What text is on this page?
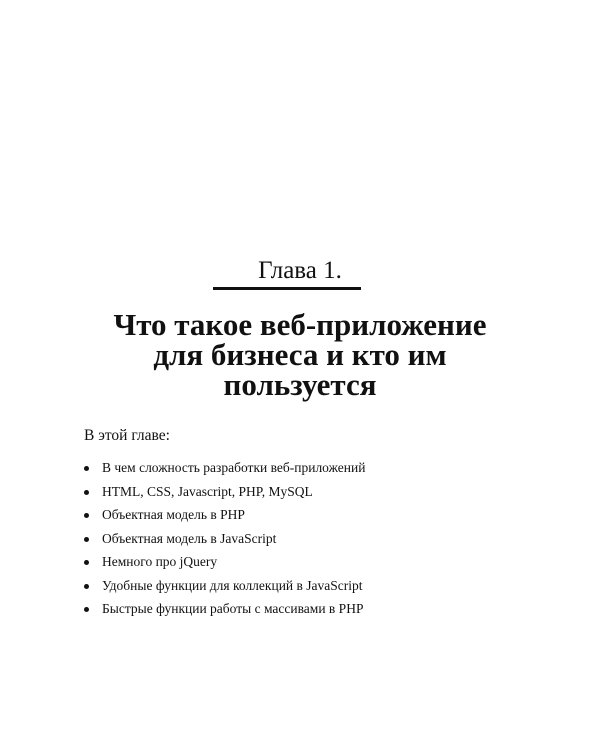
Глава 1.
Что такое веб-приложение
для бизнеса и кто им
пользуется
В этой главе:
В чем сложность разработки веб-приложений
HTML, CSS, Javascript, PHP, MySQL
Объектная модель в PHP
Объектная модель в JavaScript
Немного про jQuery
Удобные функции для коллекций в JavaScript
Быстрые функции работы с массивами в PHP
